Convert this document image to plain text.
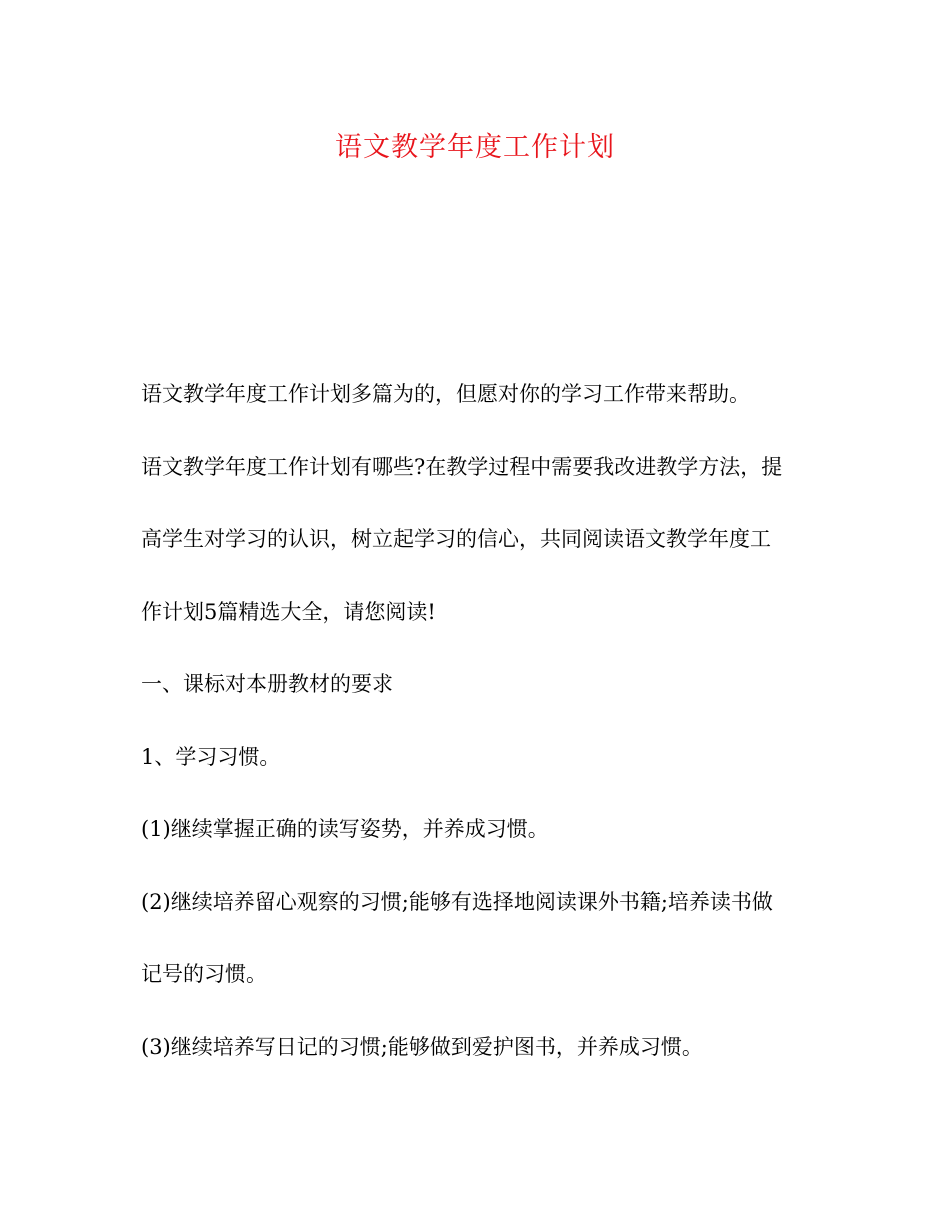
语文教学年度工作计划
语文教学年度工作计划多篇为的，但愿对你的学习工作带来帮助。
语文教学年度工作计划有哪些?在教学过程中需要我改进教学方法，提
高学生对学习的认识，树立起学习的信心，共同阅读语文教学年度工
作计划5篇精选大全，请您阅读!
一、课标对本册教材的要求
1、学习习惯。
(1)继续掌握正确的读写姿势，并养成习惯。
(2)继续培养留心观察的习惯;能够有选择地阅读课外书籍;培养读书做
记号的习惯。
(3)继续培养写日记的习惯;能够做到爱护图书，并养成习惯。
